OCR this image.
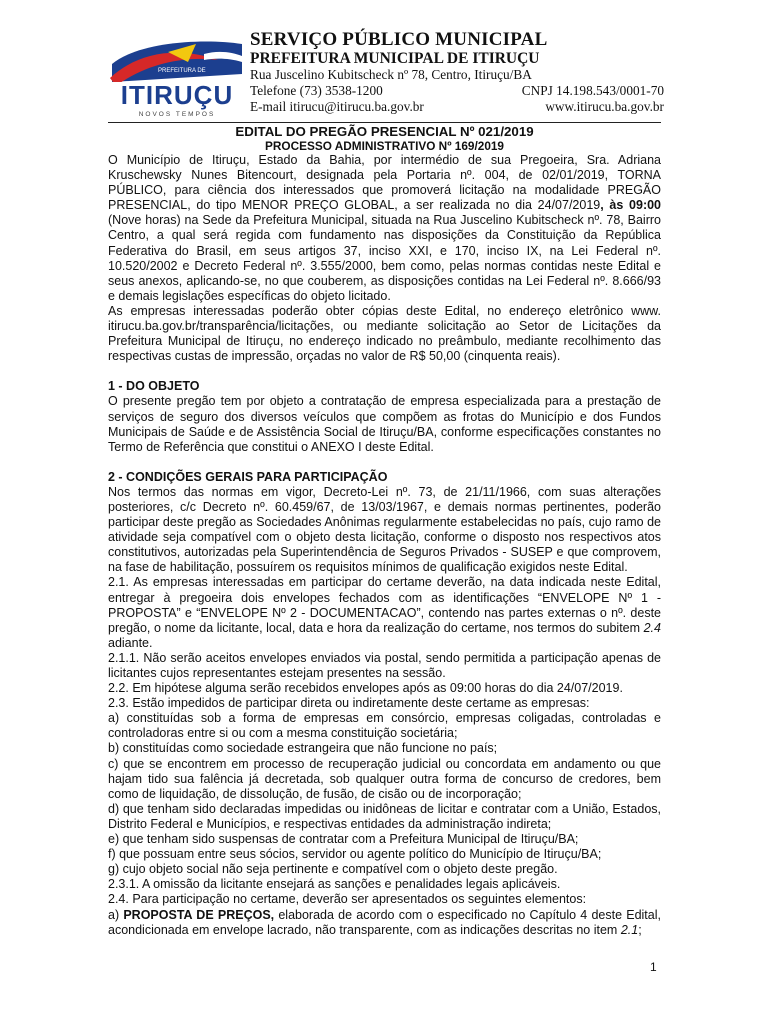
PREFEITURA DE
ITIRUÇU
NOVOS TEMPOS
SERVIÇO PÚBLICO MUNICIPAL
PREFEITURA MUNICIPAL DE ITIRUÇU
Rua Juscelino Kubitscheck nº 78, Centro, Itiruçu/BA
Telefone (73) 3538-1200	CNPJ 14.198.543/0001-70
E-mail itirucu@itirucu.ba.gov.br	www.itirucu.ba.gov.br
EDITAL DO PREGÃO PRESENCIAL Nº 021/2019
PROCESSO ADMINISTRATIVO Nº 169/2019

O Município de Itiruçu, Estado da Bahia, por intermédio de sua Pregoeira, Sra. Adriana Kruschewsky Nunes Bitencourt, designada pela Portaria nº. 004, de 02/01/2019, TORNA PÚBLICO, para ciência dos interessados que promoverá licitação na modalidade PREGÃO PRESENCIAL, do tipo MENOR PREÇO GLOBAL, a ser realizada no dia 24/07/2019, às 09:00 (Nove horas) na Sede da Prefeitura Municipal, situada na Rua Juscelino Kubitscheck nº. 78, Bairro Centro, a qual será regida com fundamento nas disposições da Constituição da República Federativa do Brasil, em seus artigos 37, inciso XXI, e 170, inciso IX, na Lei Federal nº. 10.520/2002 e Decreto Federal nº. 3.555/2000, bem como, pelas normas contidas neste Edital e seus anexos, aplicando-se, no que couberem, as disposições contidas na Lei Federal nº. 8.666/93 e demais legislações específicas do objeto licitado.

As empresas interessadas poderão obter cópias deste Edital, no endereço eletrônico www. itirucu.ba.gov.br/transparência/licitações, ou mediante solicitação ao Setor de Licitações da Prefeitura Municipal de Itiruçu, no endereço indicado no preâmbulo, mediante recolhimento das respectivas custas de impressão, orçadas no valor de R$ 50,00 (cinquenta reais).

1 - DO OBJETO

O presente pregão tem por objeto a contratação de empresa especializada para a prestação de serviços de seguro dos diversos veículos que compõem as frotas do Município e dos Fundos Municipais de Saúde e de Assistência Social de Itiruçu/BA, conforme especificações constantes no Termo de Referência que constitui o ANEXO I deste Edital.

2 - CONDIÇÕES GERAIS PARA PARTICIPAÇÃO

Nos termos das normas em vigor, Decreto-Lei nº. 73, de 21/11/1966, com suas alterações posteriores, c/c Decreto nº. 60.459/67, de 13/03/1967, e demais normas pertinentes, poderão participar deste pregão as Sociedades Anônimas regularmente estabelecidas no país, cujo ramo de atividade seja compatível com o objeto desta licitação, conforme o disposto nos respectivos atos constitutivos, autorizadas pela Superintendência de Seguros Privados - SUSEP e que comprovem, na fase de habilitação, possuírem os requisitos mínimos de qualificação exigidos neste Edital.

2.1. As empresas interessadas em participar do certame deverão, na data indicada neste Edital, entregar à pregoeira dois envelopes fechados com as identificações “ENVELOPE Nº 1 - PROPOSTA” e “ENVELOPE Nº 2 - DOCUMENTACAO”, contendo nas partes externas o nº. deste pregão, o nome da licitante, local, data e hora da realização do certame, nos termos do subitem 2.4 adiante.

2.1.1. Não serão aceitos envelopes enviados via postal, sendo permitida a participação apenas de licitantes cujos representantes estejam presentes na sessão.

2.2. Em hipótese alguma serão recebidos envelopes após as 09:00 horas do dia 24/07/2019.

2.3. Estão impedidos de participar direta ou indiretamente deste certame as empresas:

a) constituídas sob a forma de empresas em consórcio, empresas coligadas, controladas e controladoras entre si ou com a mesma constituição societária;

b) constituídas como sociedade estrangeira que não funcione no país;

c) que se encontrem em processo de recuperação judicial ou concordata em andamento ou que hajam tido sua falência já decretada, sob qualquer outra forma de concurso de credores, bem como de liquidação, de dissolução, de fusão, de cisão ou de incorporação;

d) que tenham sido declaradas impedidas ou inidôneas de licitar e contratar com a União, Estados, Distrito Federal e Municípios, e respectivas entidades da administração indireta;

e) que tenham sido suspensas de contratar com a Prefeitura Municipal de Itiruçu/BA;

f) que possuam entre seus sócios, servidor ou agente político do Município de Itiruçu/BA;

g) cujo objeto social não seja pertinente e compatível com o objeto deste pregão.

2.3.1. A omissão da licitante ensejará as sanções e penalidades legais aplicáveis.

2.4. Para participação no certame, deverão ser apresentados os seguintes elementos:

a) PROPOSTA DE PREÇOS, elaborada de acordo com o especificado no Capítulo 4 deste Edital, acondicionada em envelope lacrado, não transparente, com as indicações descritas no item 2.1;

1
